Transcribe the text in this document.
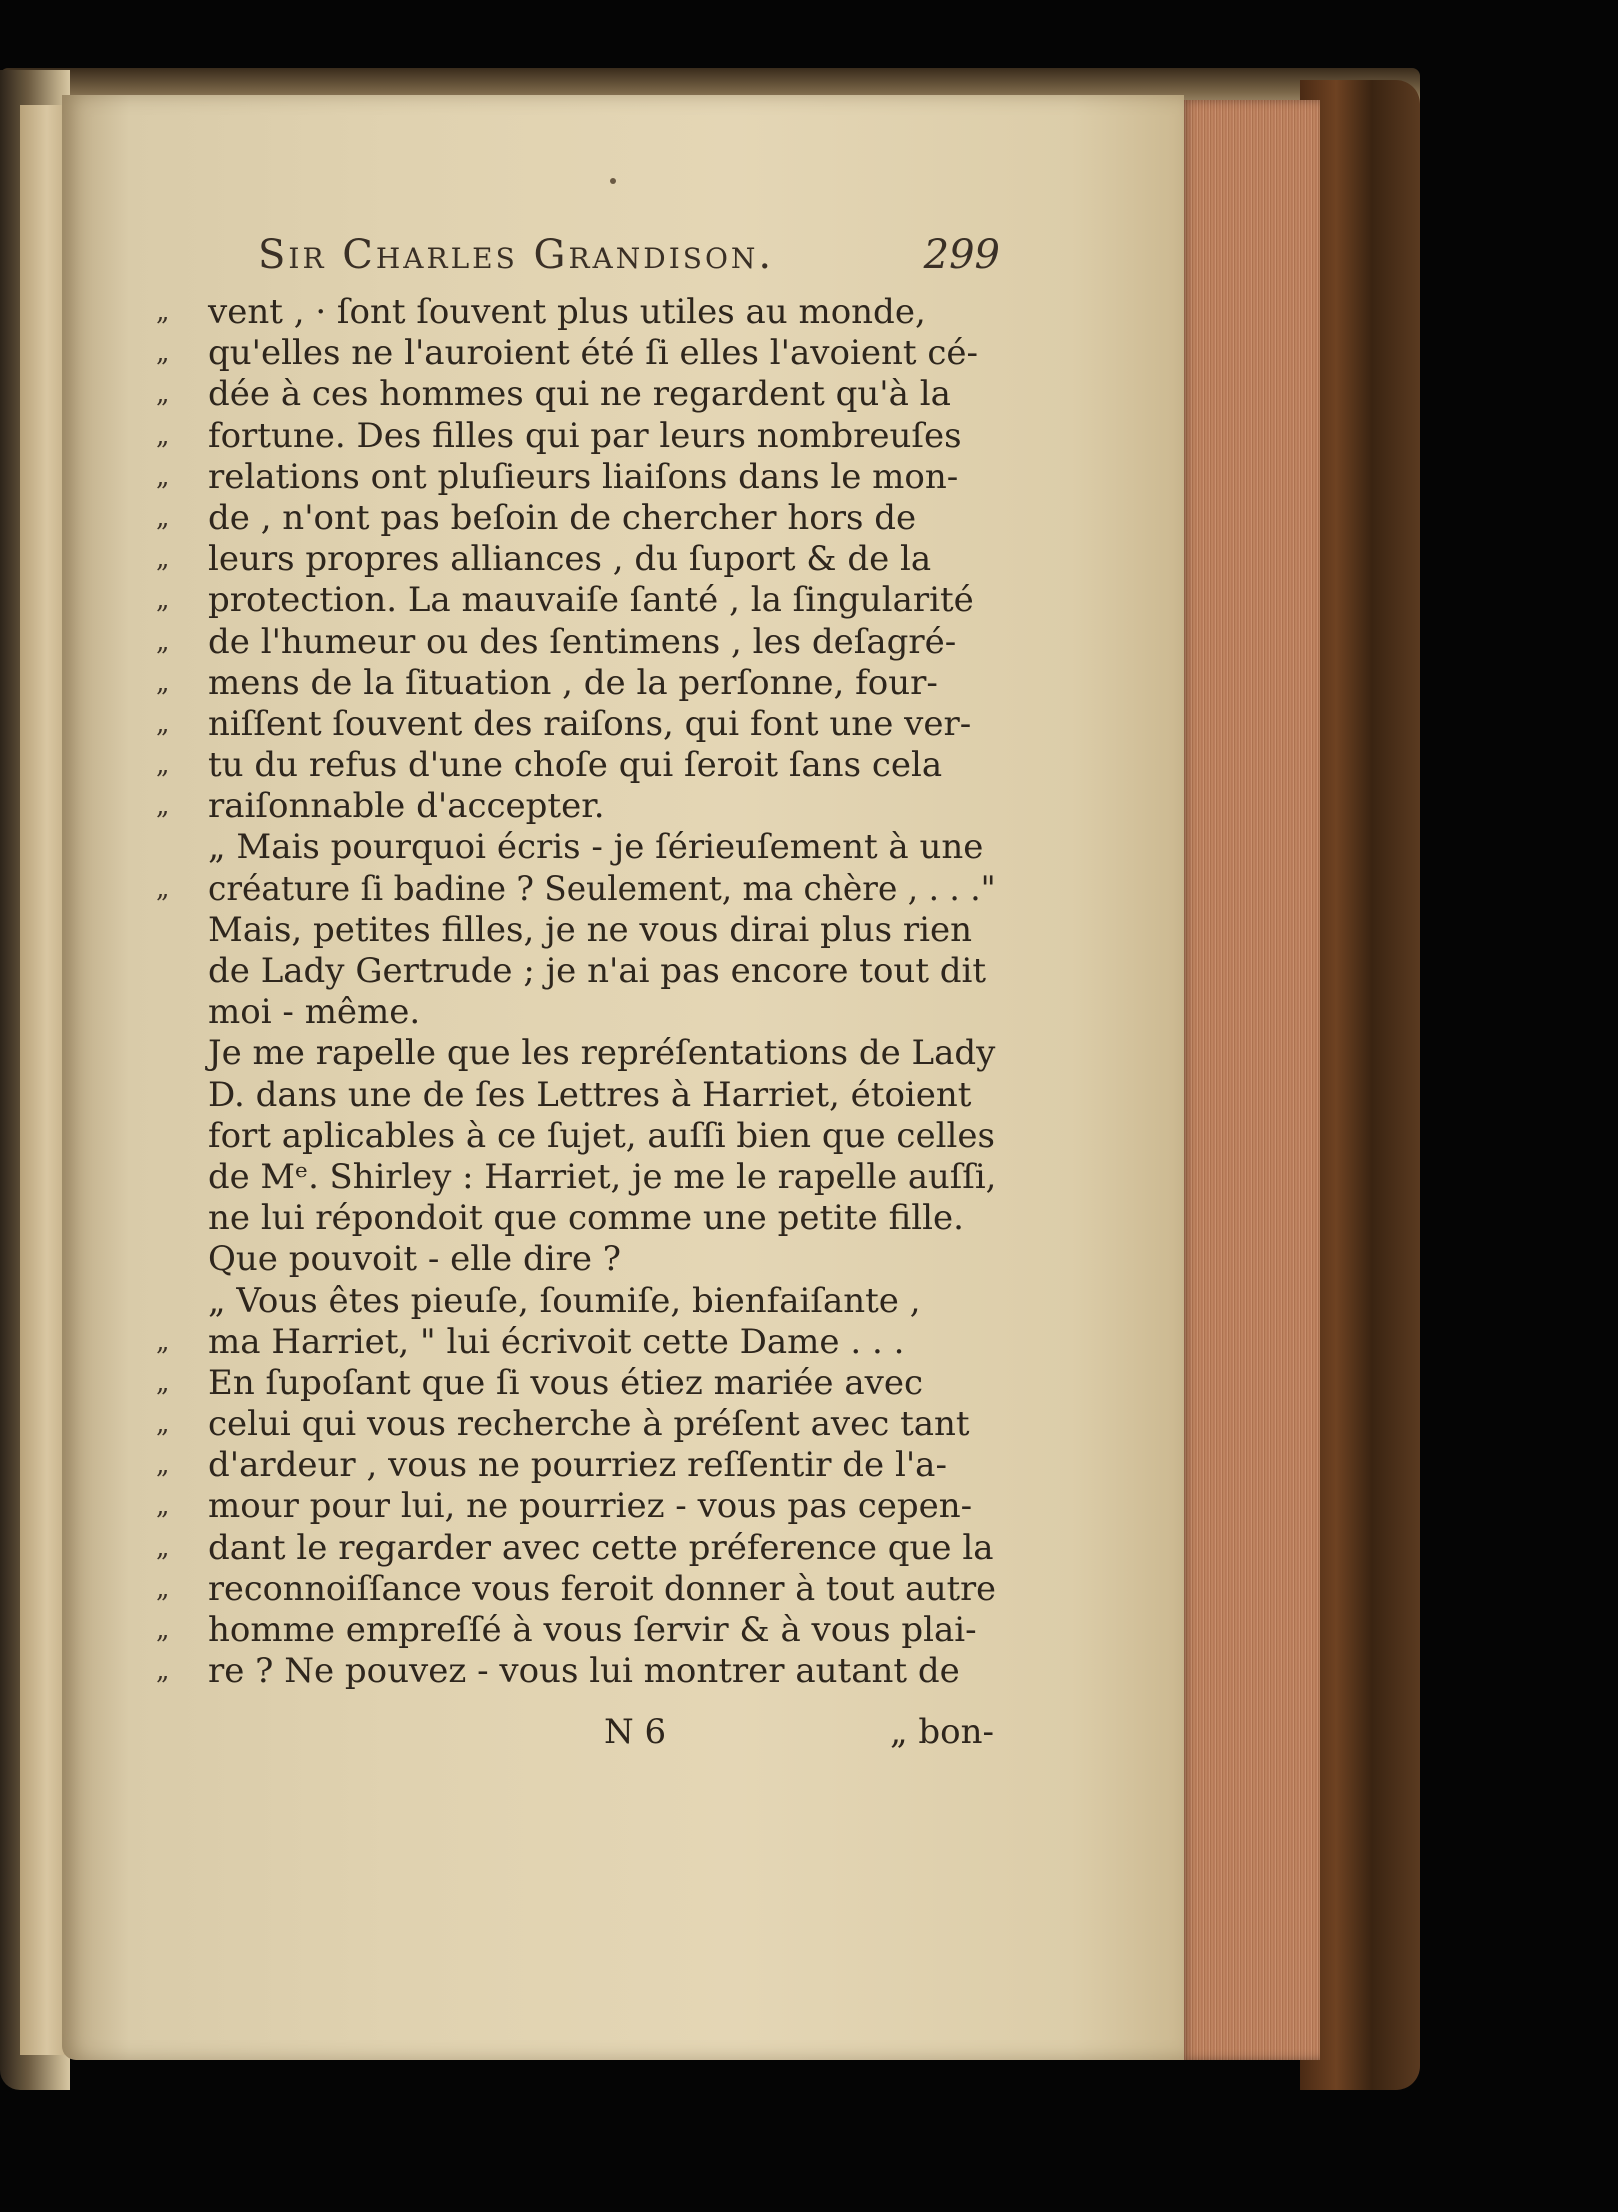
Sir Charles Grandison.	299
„	vent , · ſont ſouvent plus utiles au monde,
„	qu'elles ne l'auroient été ſi elles l'avoient cé-
„	dée à ces hommes qui ne regardent qu'à la
„	fortune. Des filles qui par leurs nombreuſes
„	relations ont pluſieurs liaiſons dans le mon-
„	de , n'ont pas beſoin de chercher hors de
„	leurs propres alliances , du ſuport & de la
„	protection. La mauvaiſe ſanté , la ſingularité
„	de l'humeur ou des ſentimens , les deſagré-
„	mens de la ſituation , de la perſonne, four-
„	niſſent ſouvent des raiſons, qui font une ver-
„	tu du refus d'une choſe qui ſeroit ſans cela
„	raiſonnable d'accepter.
„ Mais pourquoi écris - je ſérieuſement à une
„	créature ſi badine ? Seulement, ma chère , . . ."
Mais, petites filles, je ne vous dirai plus rien
de Lady Gertrude ; je n'ai pas encore tout dit
moi - même.
Je me rapelle que les repréſentations de Lady
D. dans une de ſes Lettres à Harriet, étoient
fort aplicables à ce ſujet, auſſi bien que celles
de Mᵉ. Shirley : Harriet, je me le rapelle auſſi,
ne lui répondoit que comme une petite fille.
Que pouvoit - elle dire ?
„ Vous êtes pieuſe, ſoumiſe, bienfaiſante ,
„	ma Harriet, " lui écrivoit cette Dame . . .
„	En ſupoſant que ſi vous étiez mariée avec
„	celui qui vous recherche à préſent avec tant
„	d'ardeur , vous ne pourriez reſſentir de l'a-
„	mour pour lui, ne pourriez - vous pas cepen-
„	dant le regarder avec cette préference que la
„	reconnoiſſance vous feroit donner à tout autre
„	homme empreſſé à vous ſervir & à vous plai-
„	re ? Ne pouvez - vous lui montrer autant de
N 6	„ bon-
